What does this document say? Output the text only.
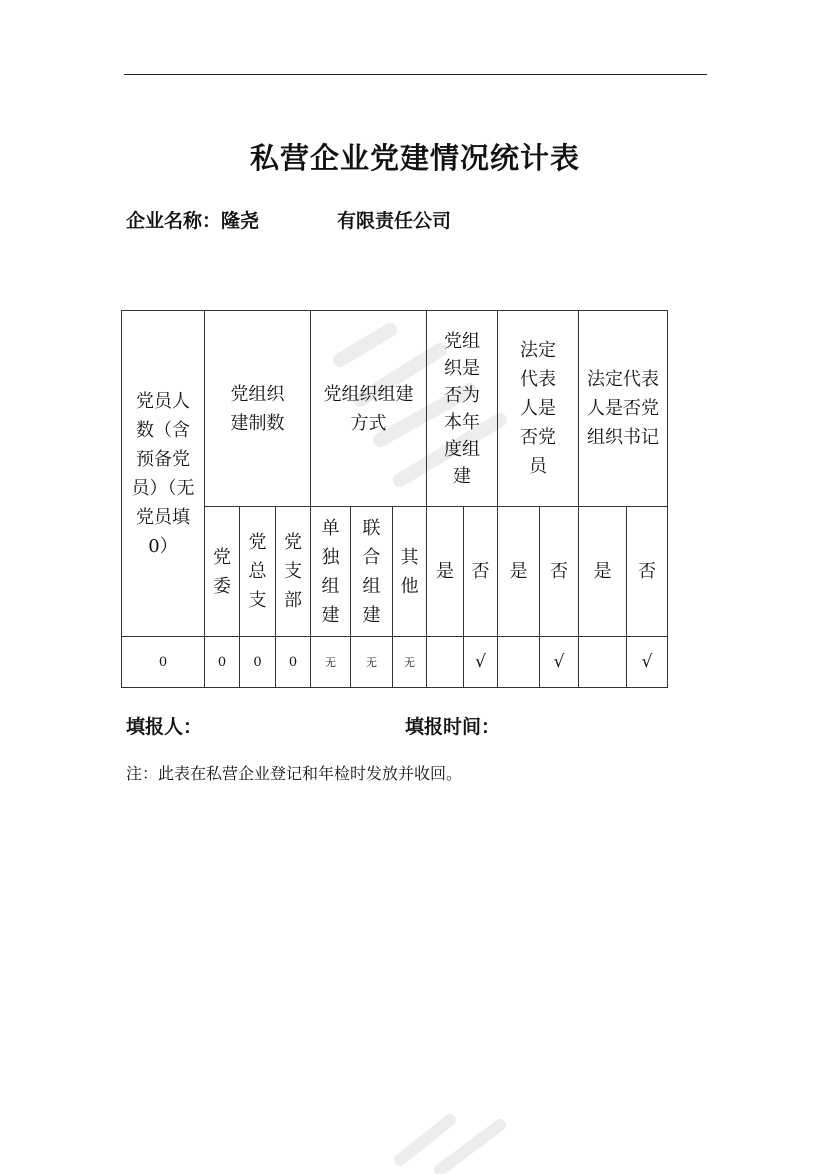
私营企业党建情况统计表
企业名称：隆尧	有限责任公司
党员人数（含预备党员）（无党员填0）	党组织建制数			党组织组建方式			党组织是否为本年度组建		法定代表人是否党员		法定代表人是否党组织书记	
	党委	党总支	党支部	单独组建	联合组建	其他	是	否	是	否	是	否
0	0	0	0	无	无	无		√		√		√
填报人：	填报时间：
注：此表在私营企业登记和年检时发放并收回。
